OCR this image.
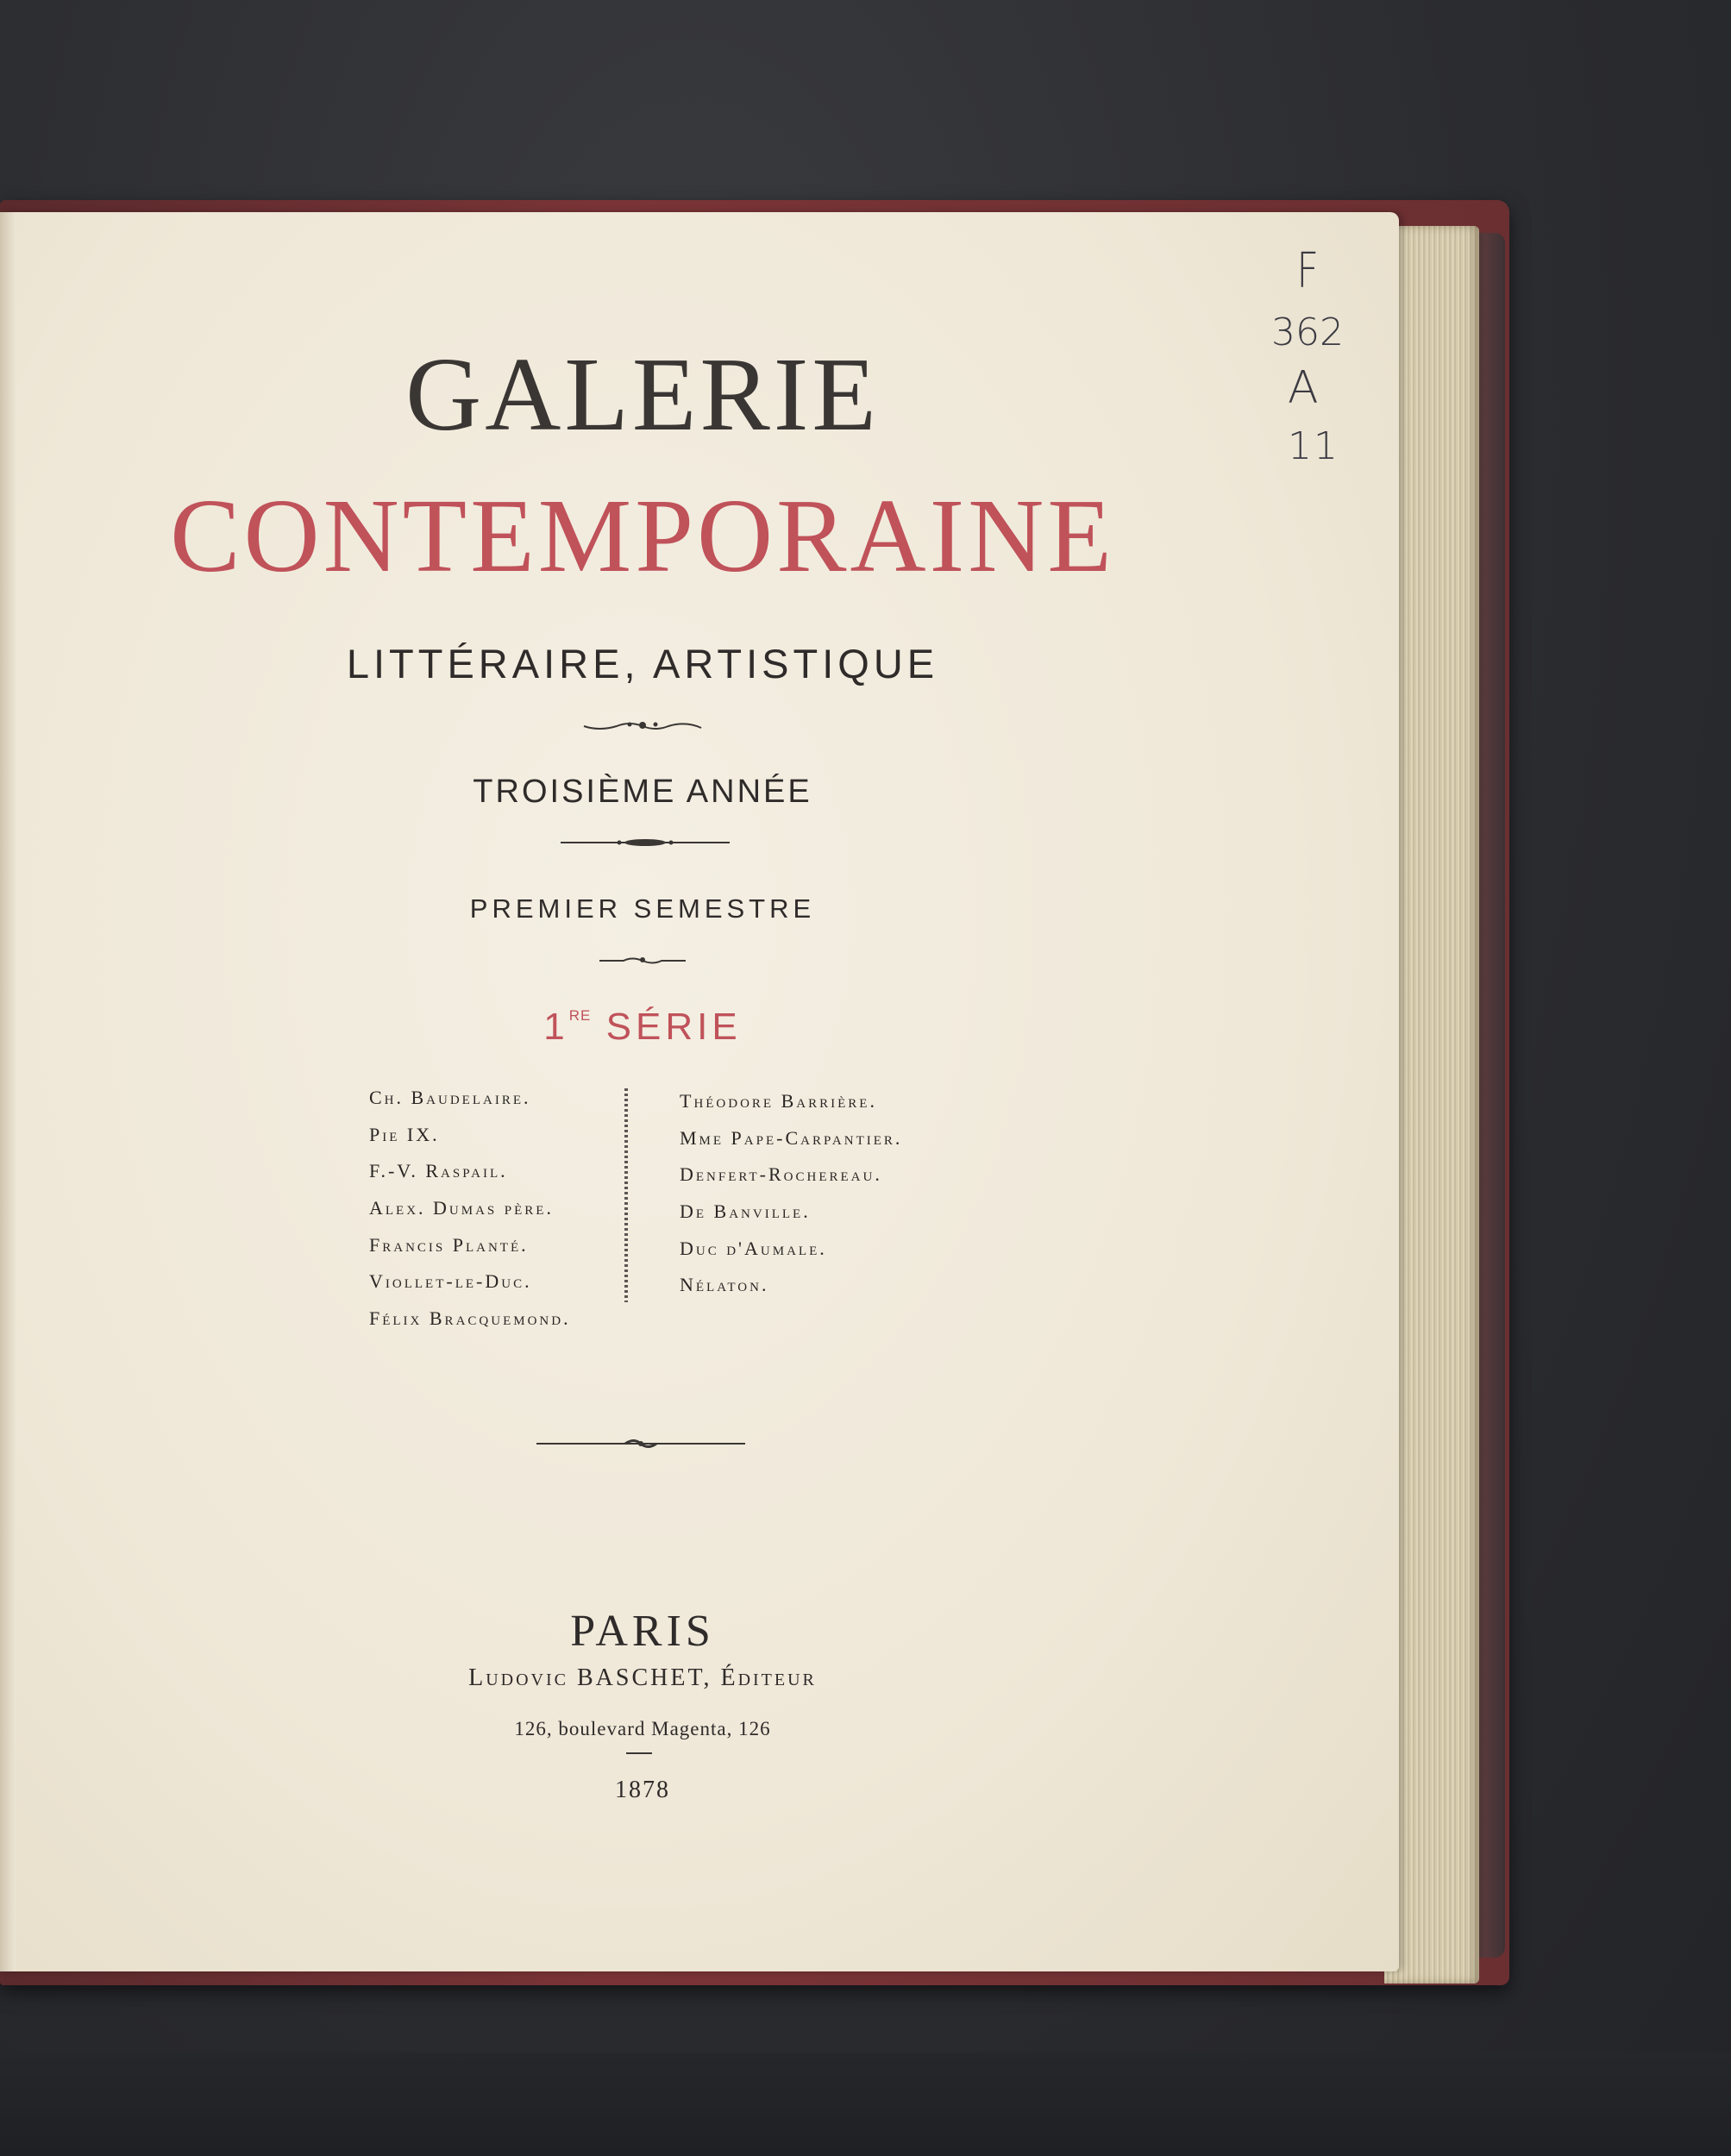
GALERIE
CONTEMPORAINE
LITTÉRAIRE, ARTISTIQUE
TROISIÈME ANNÉE
PREMIER SEMESTRE
1RE SÉRIE
Ch. Baudelaire.
Pie IX.
F.-V. Raspail.
Alex. Dumas père.
Francis Planté.
Viollet-le-Duc.
Félix Bracquemond.
Théodore Barrière.
Mme Pape-Carpantier.
Denfert-Rochereau.
De Banville.
Duc d'Aumale.
Nélaton.
PARIS
Ludovic BASCHET, Éditeur
126, boulevard Magenta, 126
1878
F
362
A
11
